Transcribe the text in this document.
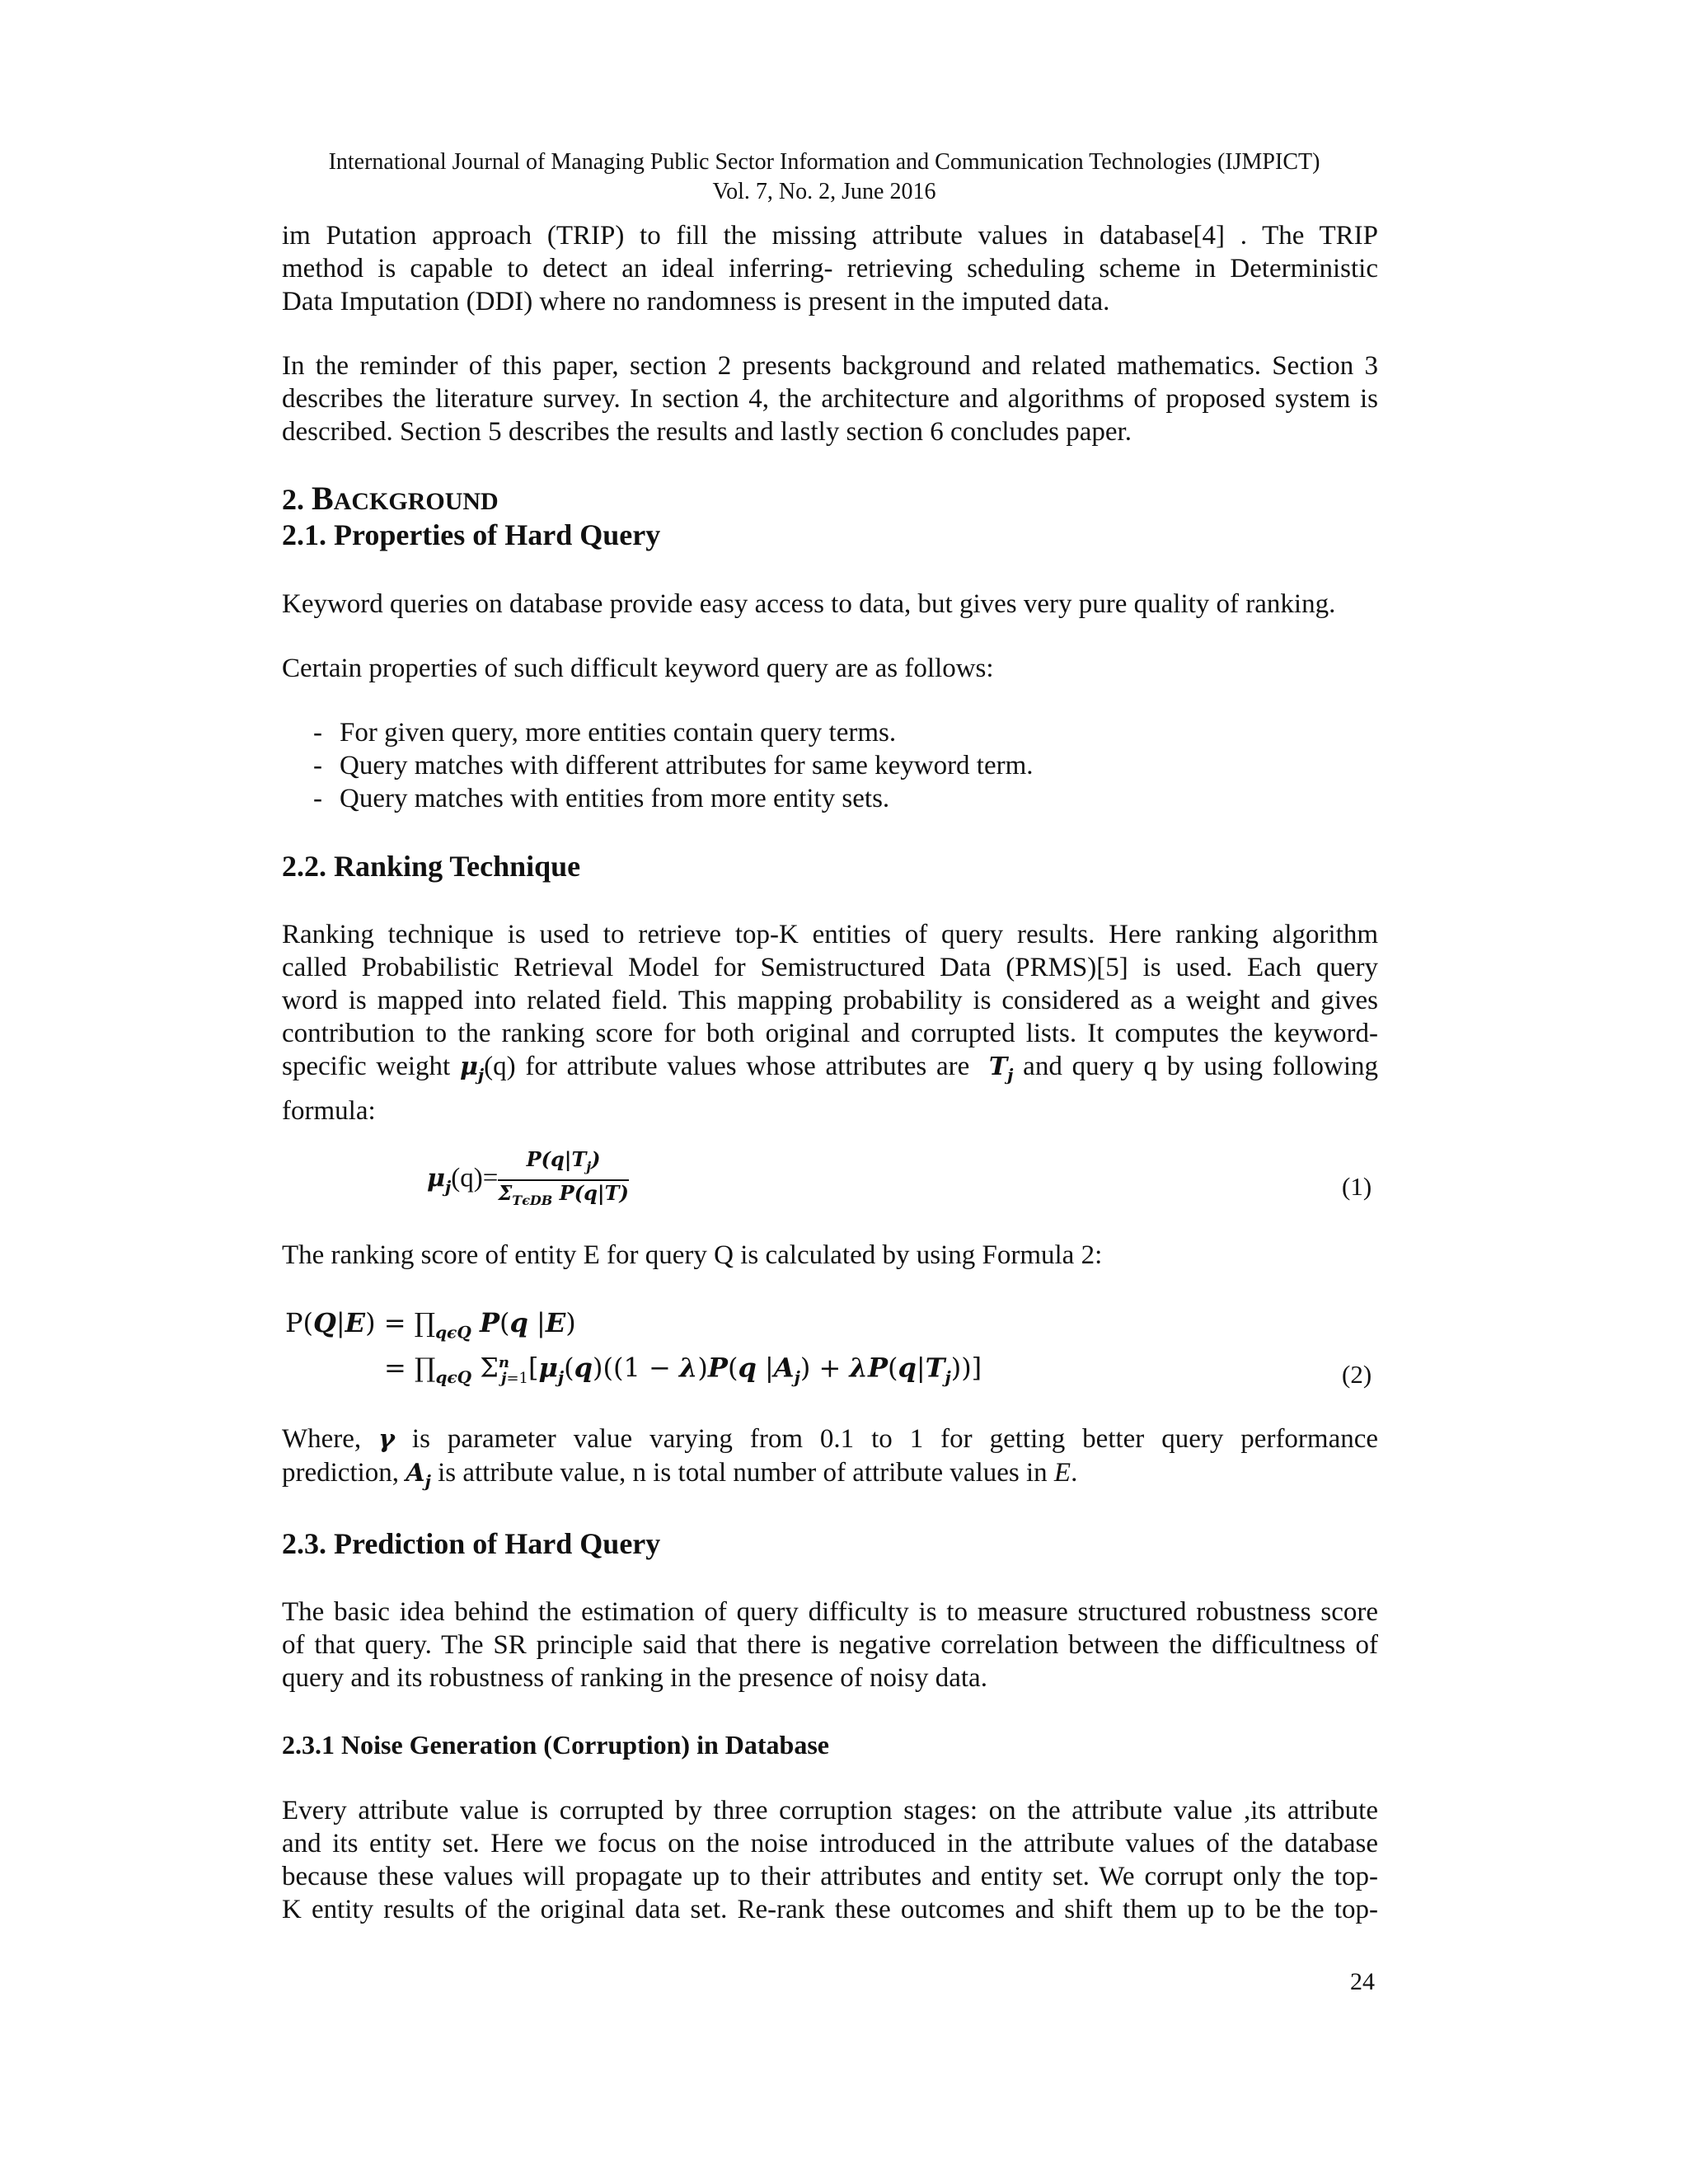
International Journal of Managing Public Sector Information and Communication Technologies (IJMPICT)
Vol. 7, No. 2, June 2016
im Putation approach (TRIP) to fill the missing attribute values in database[4] . The TRIP
method is capable to detect an ideal inferring- retrieving scheduling scheme in Deterministic
Data Imputation (DDI) where no randomness is present in the imputed data.
In the reminder of this paper, section 2 presents background and related mathematics. Section 3
describes the literature survey. In section 4, the architecture and algorithms of proposed system is
described. Section 5 describes the results and lastly section 6 concludes paper.
2. BACKGROUND
2.1. Properties of Hard Query
Keyword queries on database provide easy access to data, but gives very pure quality of ranking.
Certain properties of such difficult keyword query are as follows:
- For given query, more entities contain query terms.
- Query matches with different attributes for same keyword term.
- Query matches with entities from more entity sets.
2.2. Ranking Technique
Ranking technique is used to retrieve top-K entities of query results. Here ranking algorithm
called Probabilistic Retrieval Model for Semistructured Data (PRMS)[5] is used. Each query
word is mapped into related field. This mapping probability is considered as a weight and gives
contribution to the ranking score for both original and corrupted lists. It computes the keyword-
specific weight $\mu_j(q)$ for attribute values whose attributes are $T_j$ and query q by using following
formula:
$\mu_j(q)= \frac{P(q|T_j)}{\Sigma_{T\epsilon DB} P(q|T)}$	(1)
The ranking score of entity E for query Q is calculated by using Formula 2:
$P(Q|E) = \prod_{q\epsilon Q}$ P(q |E)
= $\prod_{q\epsilon Q}$ $\Sigma^n_{j=1}[\mu_j(q)((1 - \lambda)P(q$ $|A_j) + \lambda P(q|T_j)$)]	(2)
Where, γ is parameter value varying from 0.1 to 1 for getting better query performance
prediction, $A_j$ is attribute value, n is total number of attribute values in E.
2.3. Prediction of Hard Query
The basic idea behind the estimation of query difficulty is to measure structured robustness score
of that query. The SR principle said that there is negative correlation between the difficultness of
query and its robustness of ranking in the presence of noisy data.
2.3.1 Noise Generation (Corruption) in Database
Every attribute value is corrupted by three corruption stages: on the attribute value ,its attribute
and its entity set. Here we focus on the noise introduced in the attribute values of the database
because these values will propagate up to their attributes and entity set. We corrupt only the top-
K entity results of the original data set. Re-rank these outcomes and shift them up to be the top-
24
